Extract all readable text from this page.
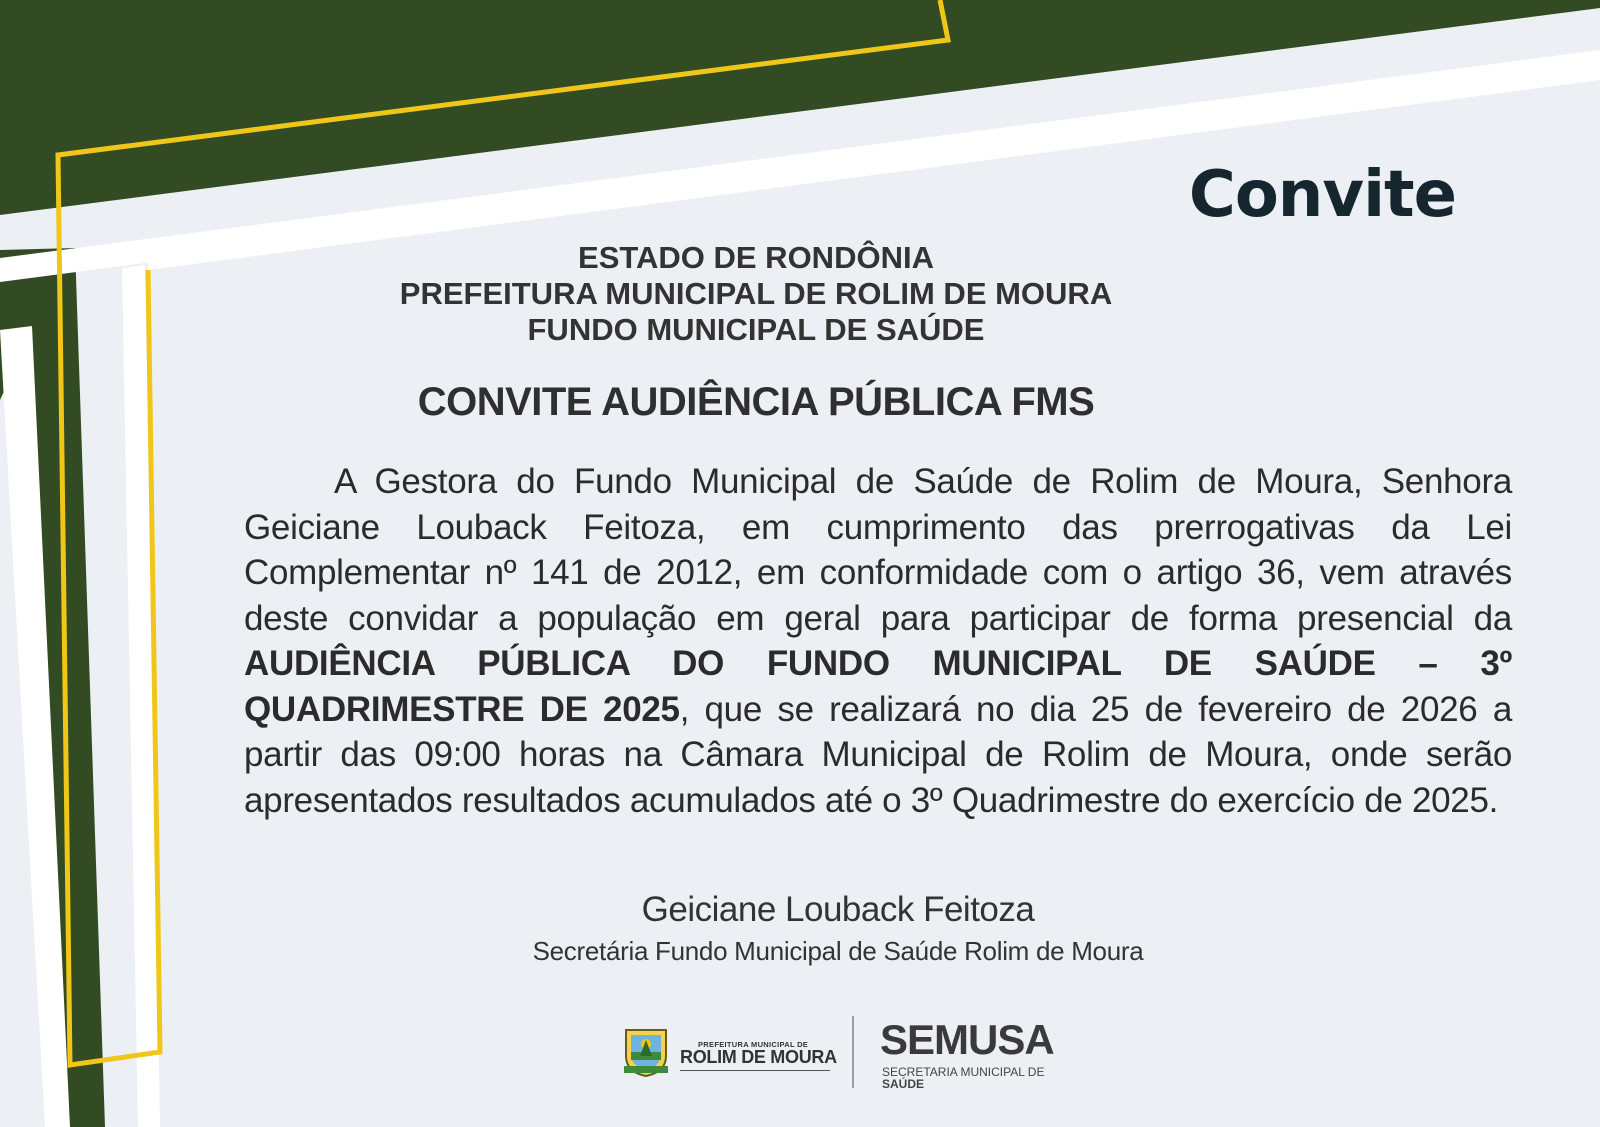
Convite
ESTADO DE RONDÔNIA
PREFEITURA MUNICIPAL DE ROLIM DE MOURA
FUNDO MUNICIPAL DE SAÚDE
CONVITE AUDIÊNCIA PÚBLICA FMS
A Gestora do Fundo Municipal de Saúde de Rolim de Moura, Senhora Geiciane Louback Feitoza, em cumprimento das prerrogativas da Lei Complementar nº 141 de 2012, em conformidade com o artigo 36, vem através deste convidar a população em geral para participar de forma presencial da AUDIÊNCIA PÚBLICA DO FUNDO MUNICIPAL DE SAÚDE – 3º QUADRIMESTRE DE 2025, que se realizará no dia 25 de fevereiro de 2026 a partir das 09:00 horas na Câmara Municipal de Rolim de Moura, onde serão apresentados resultados acumulados até o 3º Quadrimestre do exercício de 2025.
Geiciane Louback Feitoza
Secretária Fundo Municipal de Saúde Rolim de Moura
PREFEITURA MUNICIPAL DE
ROLIM DE MOURA SEMUSA
SECRETARIA MUNICIPAL DE
SAÚDE
